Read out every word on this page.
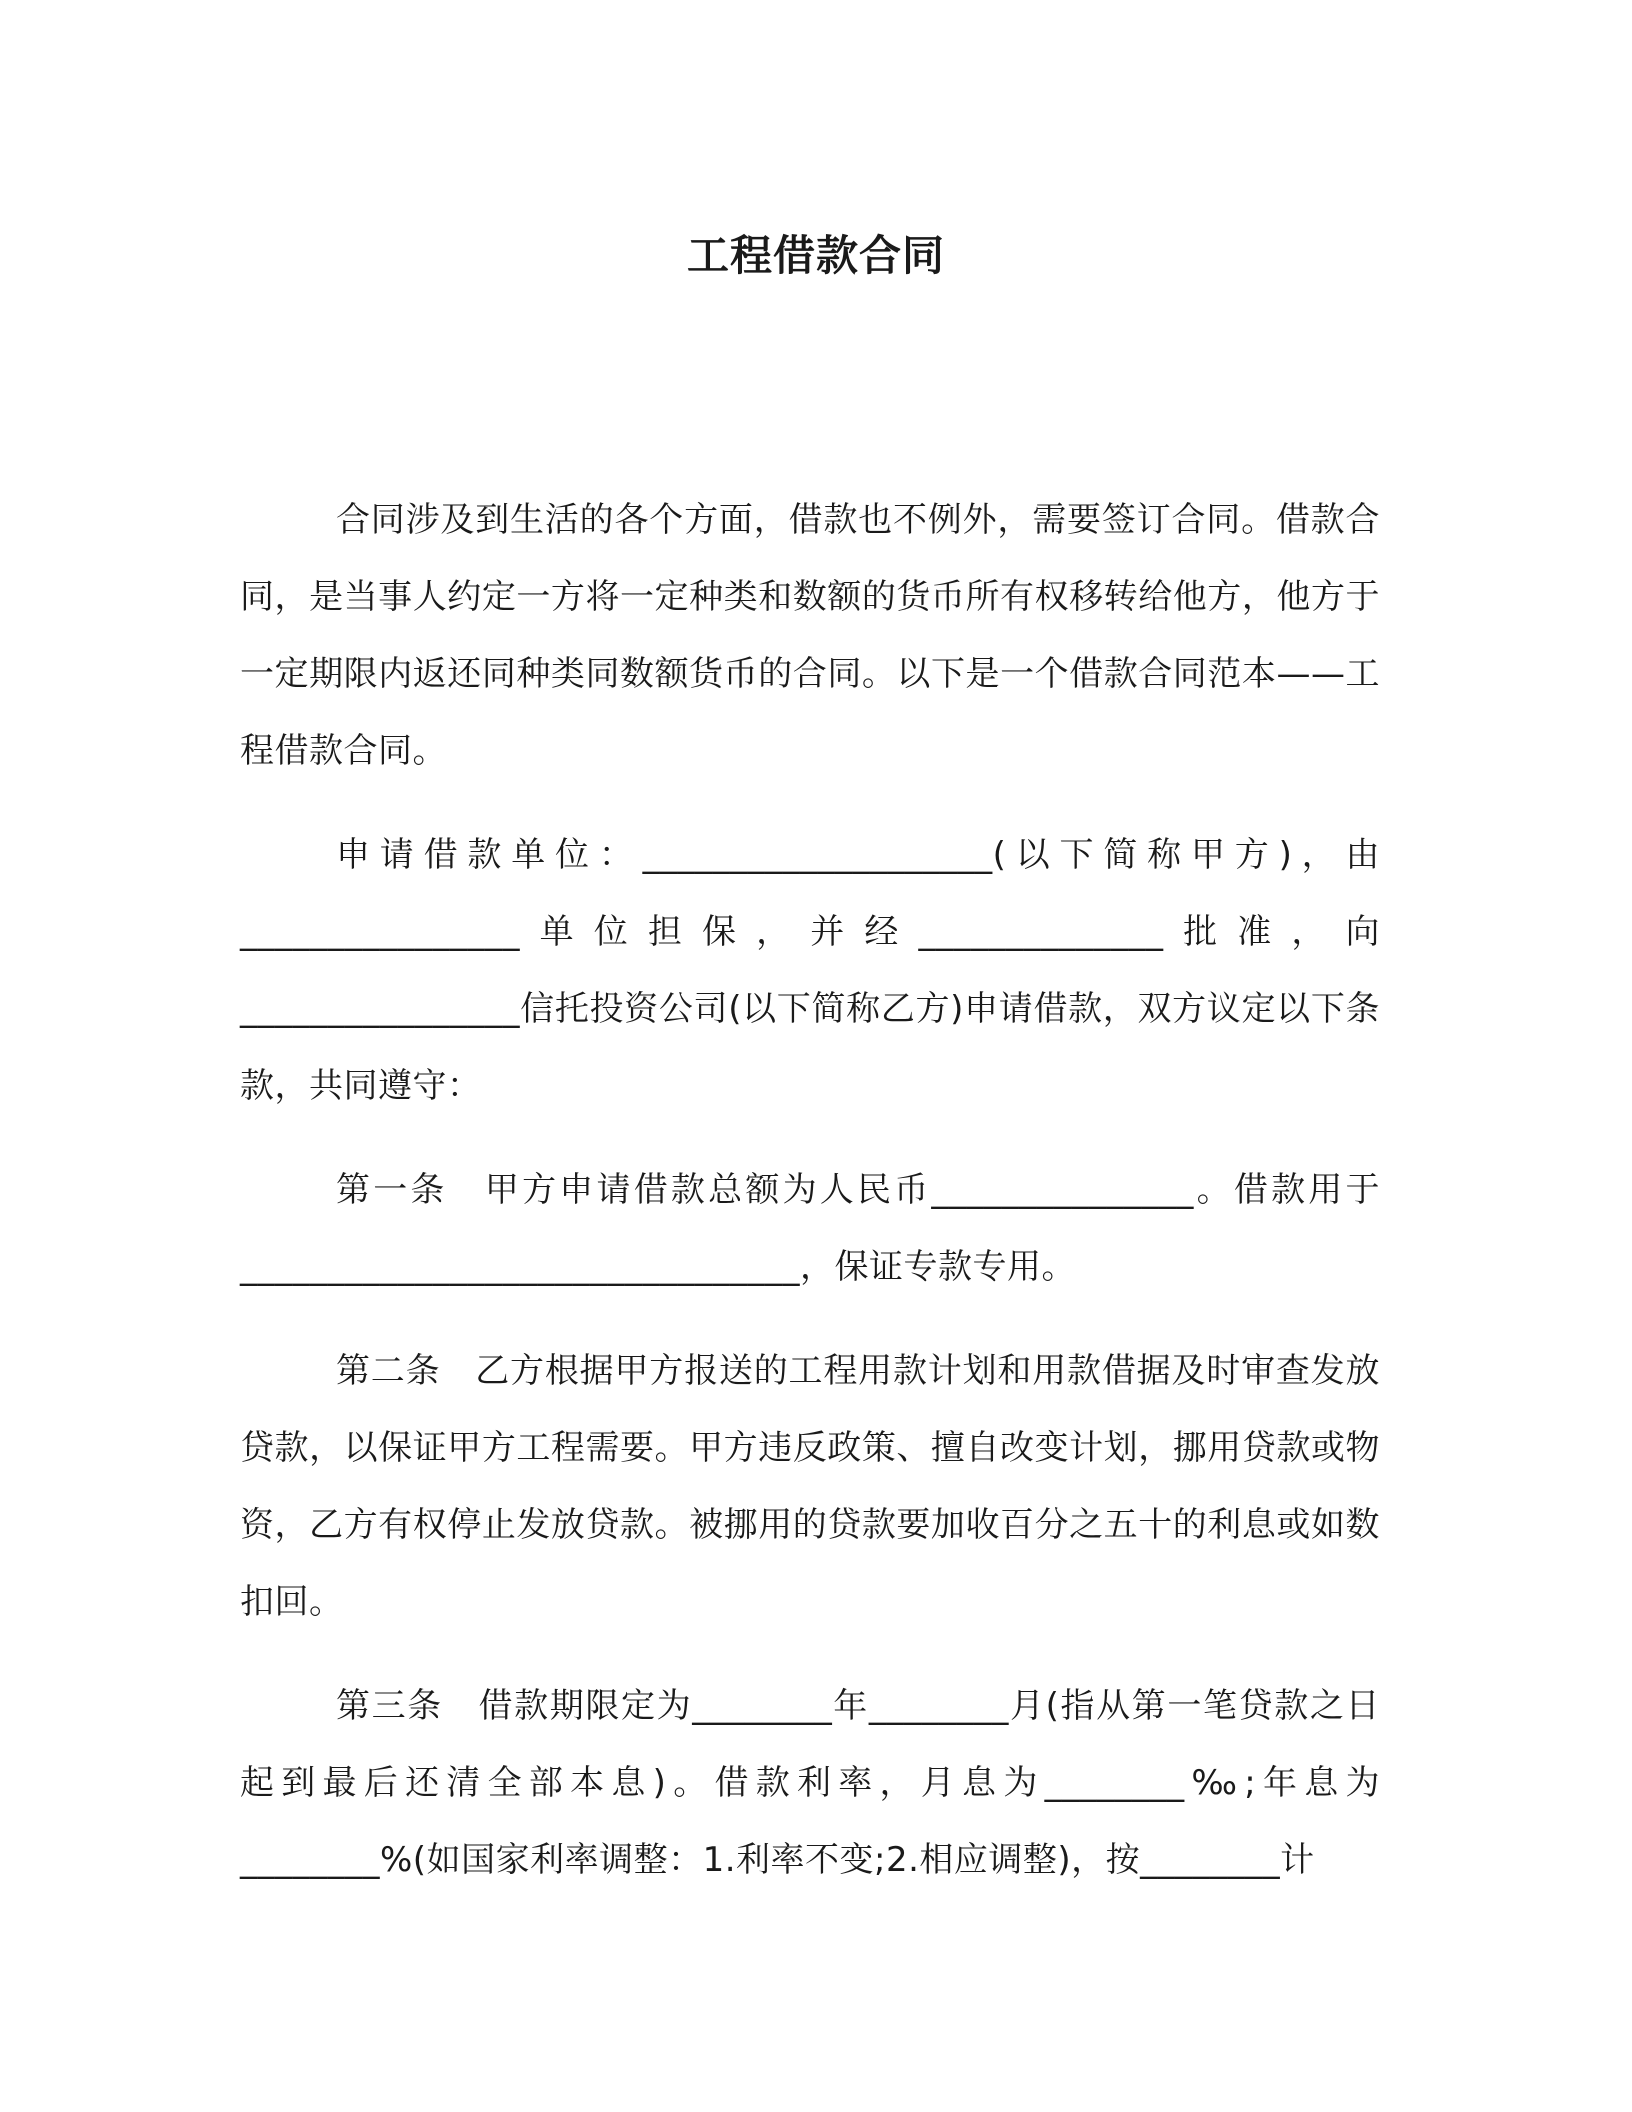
工程借款合同

合同涉及到生活的各个方面，借款也不例外，需要签订合同。借款合同，是当事人约定一方将一定种类和数额的货币所有权移转给他方，他方于一定期限内返还同种类同数额货币的合同。以下是一个借款合同范本——工程借款合同。

申请借款单位：____________________(以下简称甲方)，由________________单位担保，并经______________批准，向________________信托投资公司(以下简称乙方)申请借款，双方议定以下条款，共同遵守：

第一条　甲方申请借款总额为人民币_______________。借款用于　________________________________，保证专款专用。

第二条　乙方根据甲方报送的工程用款计划和用款借据及时审查发放贷款，以保证甲方工程需要。甲方违反政策、擅自改变计划，挪用贷款或物资，乙方有权停止发放贷款。被挪用的贷款要加收百分之五十的利息或如数扣回。

第三条　借款期限定为________年________月(指从第一笔贷款之日起到最后还清全部本息)。借款利率，月息为________‰;年息为________%(如国家利率调整：1.利率不变;2.相应调整)，按________计
